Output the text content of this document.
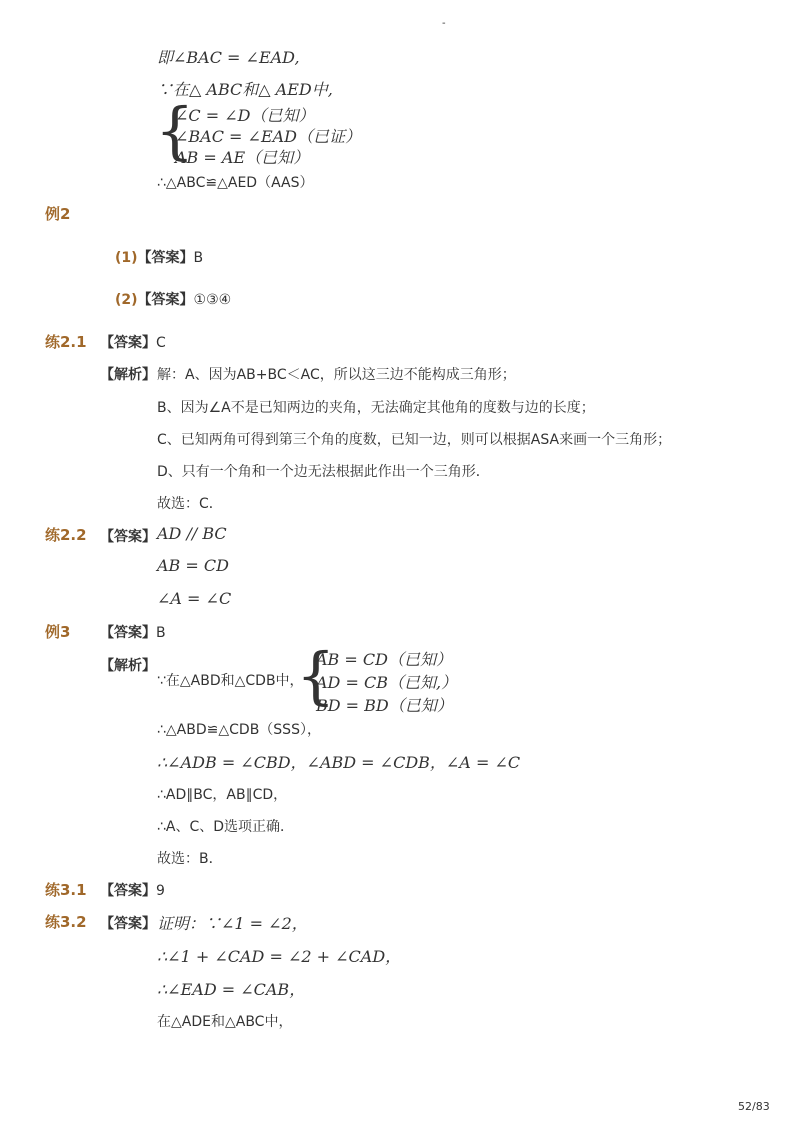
-
即∠BAC = ∠EAD,
∵在△ ABC和△ AED中,
{
∠C = ∠D（已知）
∠BAC = ∠EAD（已证）
AB = AE（已知）
∴△ABC≌△AED（AAS）
例2
(1)【答案】B
(2)【答案】①③④
练2.1 【答案】C
【解析】 解：A、因为AB+BC＜AC，所以这三边不能构成三角形；
B、因为∠A不是已知两边的夹角，无法确定其他角的度数与边的长度；
C、已知两角可得到第三个角的度数，已知一边，则可以根据ASA来画一个三角形；
D、只有一个角和一个边无法根据此作出一个三角形．
故选：C．
练2.2 【答案】 AD // BC
AB = CD
∠A = ∠C
例3 【答案】B
【解析】
∵在△ABD和△CDB中，
{
AB = CD（已知）
AD = CB（已知,）
BD = BD（已知）
∴△ABD≌△CDB（SSS），
∴∠ADB = ∠CBD，∠ABD = ∠CDB，∠A = ∠C
∴AD∥BC，AB∥CD，
∴A、C、D选项正确．
故选：B．
练3.1 【答案】9
练3.2 【答案】 证明：∵∠1 = ∠2，
∴∠1 + ∠CAD = ∠2 + ∠CAD，
∴∠EAD = ∠CAB，
在△ADE和△ABC中，
52/83
